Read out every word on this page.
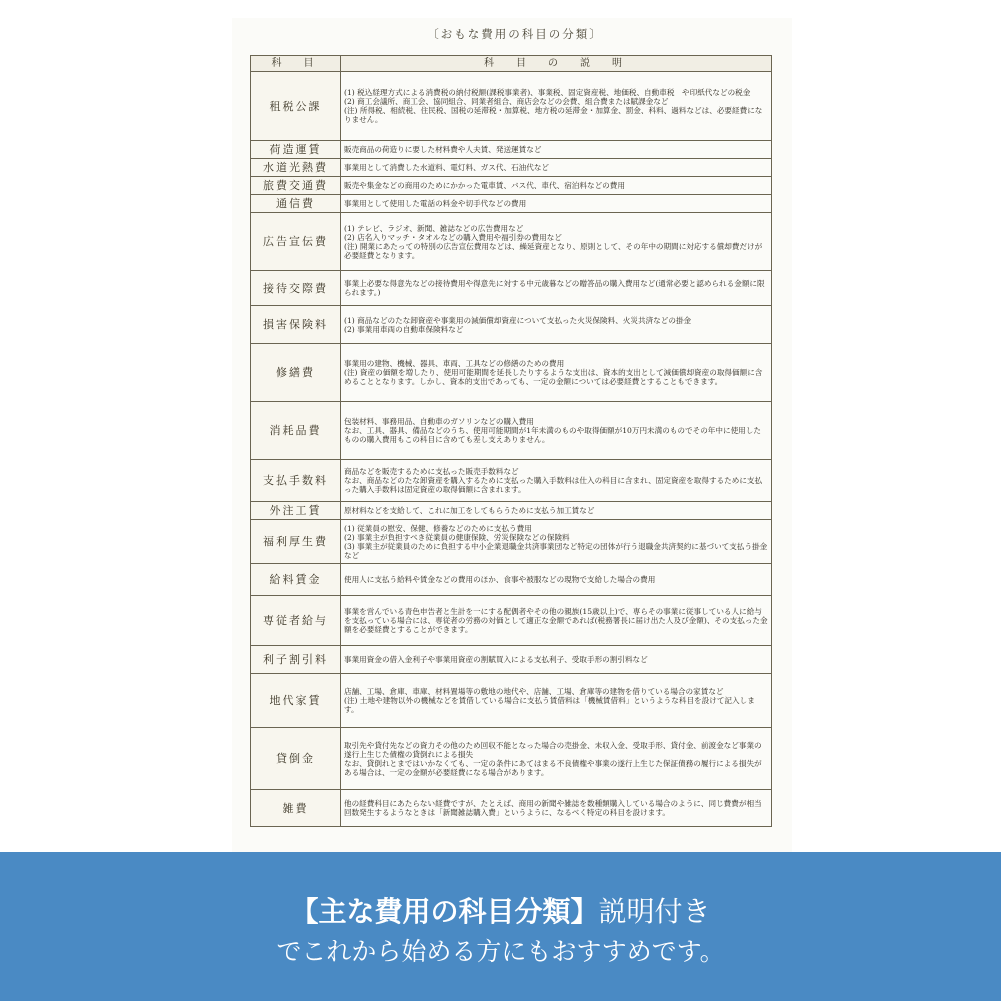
〔おもな費用の科目の分類〕
科　目	科　目　の　説　明
租税公課	(1) 税込経理方式による消費税の納付税額(課税事業者)、事業税、固定資産税、地価税、自動車税　や印紙代などの税金
(2) 商工会議所、商工会、協同組合、同業者組合、商店会などの会費、組合費または賦課金など
(注) 所得税、相続税、住民税、国税の延滞税・加算税、地方税の延滞金・加算金、罰金、科料、過料などは、必要経費になりません。
荷造運賃	販売商品の荷造りに要した材料費や人夫賃、発送運賃など
水道光熱費	事業用として消費した水道料、電灯料、ガス代、石油代など
旅費交通費	販売や集金などの商用のためにかかった電車賃、バス代、車代、宿泊料などの費用
通信費	事業用として使用した電話の料金や切手代などの費用
広告宣伝費	(1) テレビ、ラジオ、新聞、雑誌などの広告費用など
(2) 店名入りマッチ・タオルなどの購入費用や福引券の費用など
(注) 開業にあたっての特別の広告宣伝費用などは、繰延資産となり、原則として、その年中の期間に対応する償却費だけが必要経費となります。
接待交際費	事業上必要な得意先などの接待費用や得意先に対する中元歳暮などの贈答品の購入費用など(通常必要と認められる金額に限られます。)
損害保険料	(1) 商品などのたな卸資産や事業用の減価償却資産について支払った火災保険料、火災共済などの掛金
(2) 事業用車両の自動車保険料など
修繕費	事業用の建物、機械、器具、車両、工具などの修繕のための費用
(注) 資産の価額を増したり、使用可能期間を延長したりするような支出は、資本的支出として減価償却資産の取得価額に含めることとなります。しかし、資本的支出であっても、一定の金額については必要経費とすることもできます。
消耗品費	包装材料、事務用品、自動車のガソリンなどの購入費用
なお、工具、器具、備品などのうち、使用可能期間が1年未満のものや取得価額が10万円未満のものでその年中に使用したものの購入費用もこの科目に含めても差し支えありません。
支払手数料	商品などを販売するために支払った販売手数料など
なお、商品などのたな卸資産を購入するために支払った購入手数料は仕入の科目に含まれ、固定資産を取得するために支払った購入手数料は固定資産の取得価額に含まれます。
外注工賃	原材料などを支給して、これに加工をしてもらうために支払う加工賃など
福利厚生費	(1) 従業員の慰安、保健、修養などのために支払う費用
(2) 事業主が負担すべき従業員の健康保険、労災保険などの保険料
(3) 事業主が従業員のために負担する中小企業退職金共済事業団など特定の団体が行う退職金共済契約に基づいて支払う掛金など
給料賃金	使用人に支払う給料や賃金などの費用のほか、食事や被服などの現物で支給した場合の費用
専従者給与	事業を営んでいる青色申告者と生計を一にする配偶者やその他の親族(15歳以上)で、専らその事業に従事している人に給与を支払っている場合には、専従者の労務の対価として適正な金額であれば(税務署長に届け出た人及び金額)、その支払った金額を必要経費とすることができます。
利子割引料	事業用資金の借入金利子や事業用資産の割賦買入による支払利子、受取手形の割引料など
地代家賃	店舗、工場、倉庫、車庫、材料置場等の敷地の地代や、店舗、工場、倉庫等の建物を借りている場合の家賃など
(注) 土地や建物以外の機械などを賃借している場合に支払う賃借料は「機械賃借料」というような科目を設けて記入します。
貸倒金	取引先や貸付先などの資力その他のため回収不能となった場合の売掛金、未収入金、受取手形、貸付金、前渡金など事業の遂行上生じた債権の貸倒れによる損失
なお、貸倒れとまではいかなくても、一定の条件にあてはまる不良債権や事業の遂行上生じた保証債務の履行による損失がある場合は、一定の金額が必要経費になる場合があります。
雑費	他の経費科目にあたらない経費ですが、たとえば、商用の新聞や雑誌を数種類購入している場合のように、同じ費費が相当回数発生するようなときは「新聞雑誌購入費」というように、なるべく特定の科目を設けます。
【主な費用の科目分類】説明付き
でこれから始める方にもおすすめです。
